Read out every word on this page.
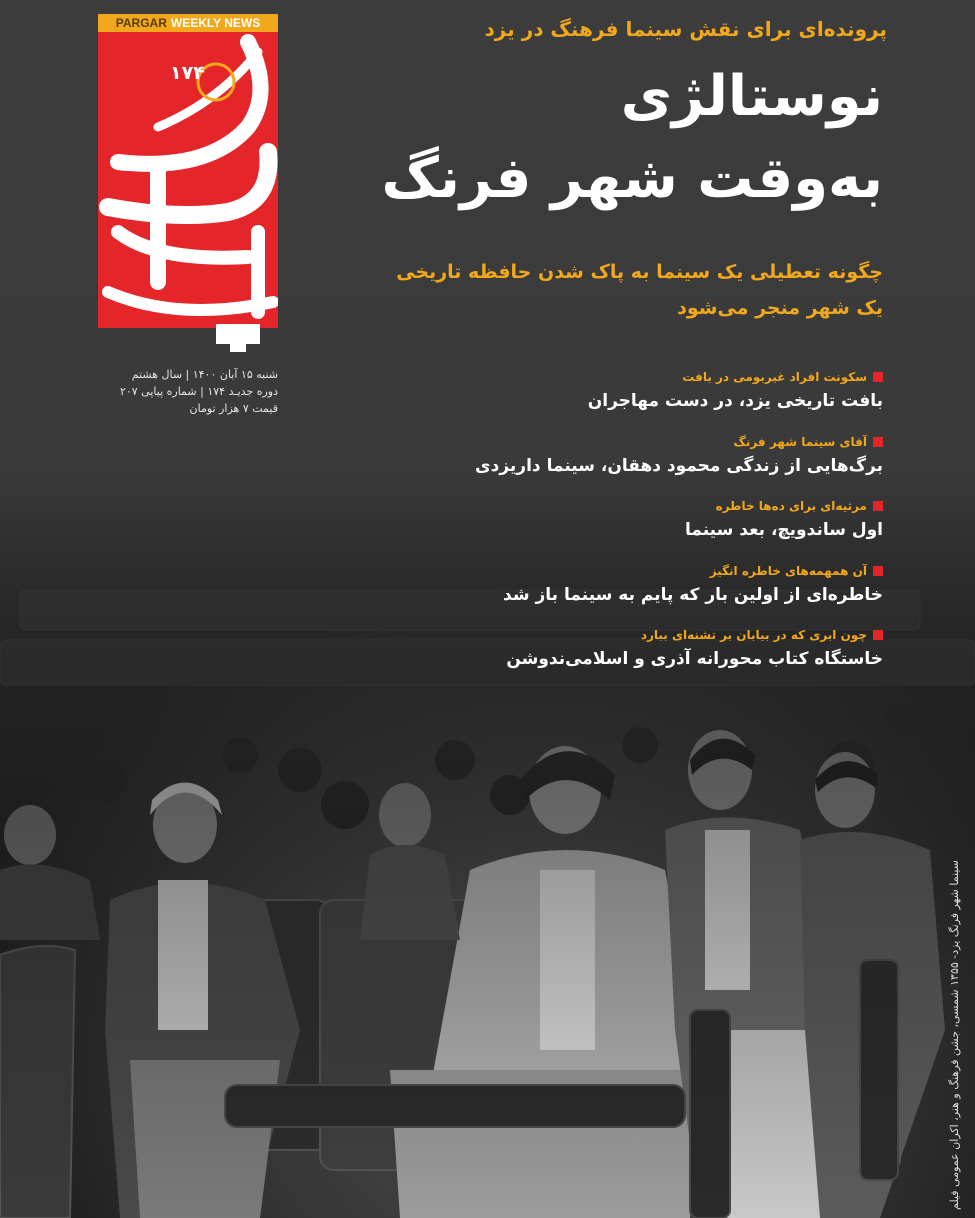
PARGAR WEEKLY NEWS
۱۷۴
شنبه ۱۵ آبان ۱۴۰۰ | سال هشتم
دوره جدیـد ۱۷۴ | شماره پیاپی ۲۰۷
قیمت ۷ هزار تومان
پرونده‌ای برای نقش سینما فرهنگ در یزد
نوستالژی
به‌وقت شهر فرنگ
چگونه تعطیلی یک سینما به پاک شدن حافظه تاریخی
یک شهر منجر می‌شود
سکونت افراد غیربومی در بافت
بافت تاریخی یزد، در دست مهاجران
آقای سینما شهر فرنگ
برگ‌هایی از زندگی محمود دهقان، سینما داریزدی
مرثیه‌ای برای ده‌ها خاطره
اول ساندویچ، بعد سینما
آن همهمه‌های خاطره انگیز
خاطره‌ای از اولین بار که پایم به سینما باز شد
چون ابری که در بیابان بر تشنه‌ای ببارد
خاستگاه کتاب محورانه آذری و اسلامی‌ندوشن
سینما شهر فرنگ یزد- ۱۳۵۵ شمسی، جشن فرهنگ و هنر، اکران عمومی فیلم
